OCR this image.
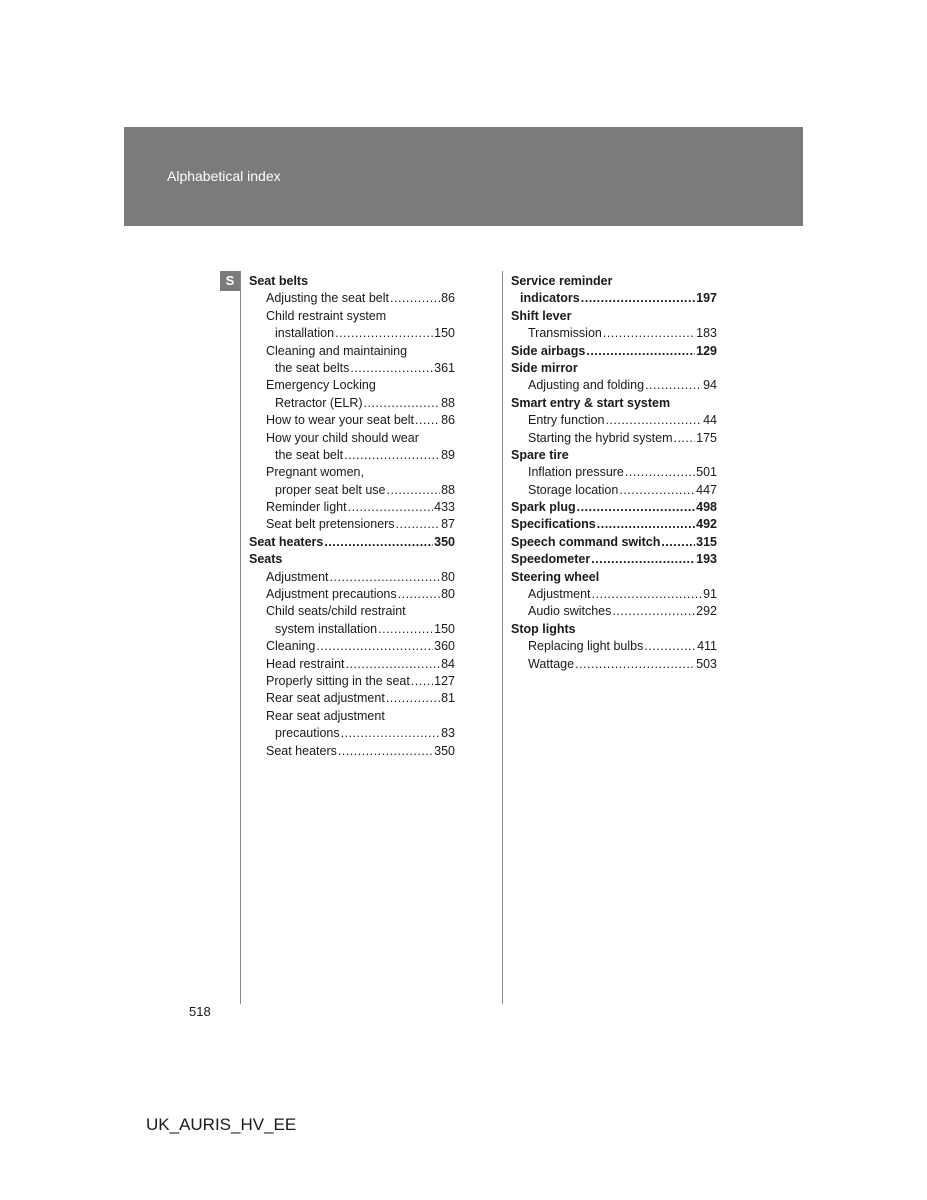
Alphabetical index
S	Seat belts
Adjusting the seat belt .....	86
Child restraint system
installation .....	150
Cleaning and maintaining
the seat belts .....	361
Emergency Locking
Retractor (ELR) .....	88
How to wear your seat belt ..... 86
How your child should wear
the seat belt .....	89
Pregnant women,
proper seat belt use .....	88
Reminder light .....	433
Seat belt pretensioners .....	87
Seat heaters .....	350
Seats
Adjustment .....	80
Adjustment precautions .....	80
Child seats/child restraint
system installation .....	150
Cleaning .....	360
Head restraint .....	84
Properly sitting in the seat ..... 127
Rear seat adjustment .....	81
Rear seat adjustment
precautions .....	83
Seat heaters .....	350
Service reminder
indicators .....	197
Shift lever
Transmission .....	183
Side airbags .....	129
Side mirror
Adjusting and folding .....	94
Smart entry & start system
Entry function .....	44
Starting the hybrid system ..... 175
Spare tire
Inflation pressure .....	501
Storage location .....	447
Spark plug .....	498
Specifications .....	492
Speech command switch .....	315
Speedometer .....	193
Steering wheel
Adjustment .....	91
Audio switches .....	292
Stop lights
Replacing light bulbs .....	411
Wattage .....	503
518
UK_AURIS_HV_EE
